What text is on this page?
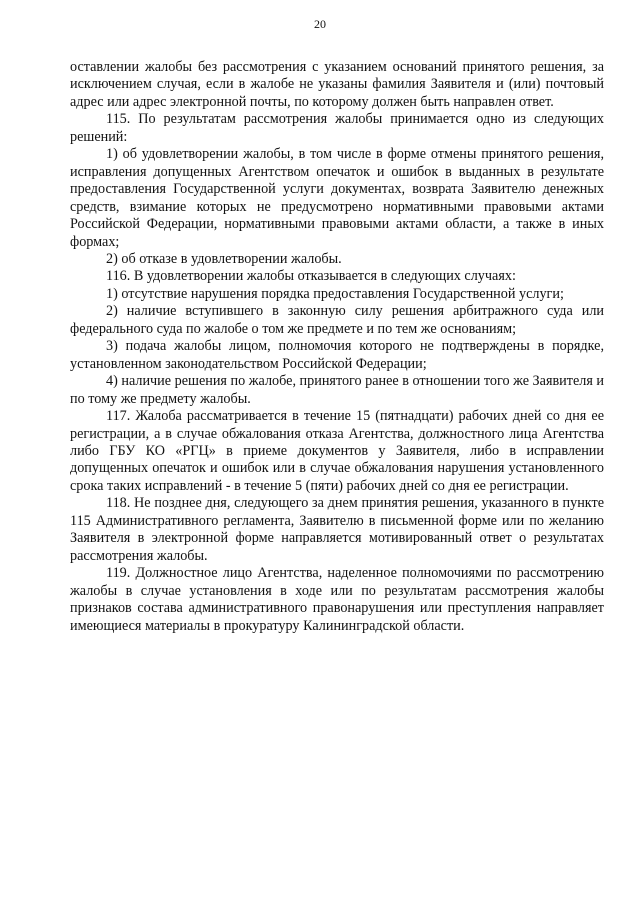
20

оставлении жалобы без рассмотрения с указанием оснований принятого решения, за исключением случая, если в жалобе не указаны фамилия Заявителя и (или) почтовый адрес или адрес электронной почты, по которому должен быть направлен ответ.

115. По результатам рассмотрения жалобы принимается одно из следующих решений:

1) об удовлетворении жалобы, в том числе в форме отмены принятого решения, исправления допущенных Агентством опечаток и ошибок в выданных в результате предоставления Государственной услуги документах, возврата Заявителю денежных средств, взимание которых не предусмотрено нормативными правовыми актами Российской Федерации, нормативными правовыми актами области, а также в иных формах;

2) об отказе в удовлетворении жалобы.

116. В удовлетворении жалобы отказывается в следующих случаях:

1) отсутствие нарушения порядка предоставления Государственной услуги;

2) наличие вступившего в законную силу решения арбитражного суда или федерального суда по жалобе о том же предмете и по тем же основаниям;

3) подача жалобы лицом, полномочия которого не подтверждены в порядке, установленном законодательством Российской Федерации;

4) наличие решения по жалобе, принятого ранее в отношении того же Заявителя и по тому же предмету жалобы.

117. Жалоба рассматривается в течение 15 (пятнадцати) рабочих дней со дня ее регистрации, а в случае обжалования отказа Агентства, должностного лица Агентства либо ГБУ КО «РГЦ» в приеме документов у Заявителя, либо в исправлении допущенных опечаток и ошибок или в случае обжалования нарушения установленного срока таких исправлений - в течение 5 (пяти) рабочих дней со дня ее регистрации.

118. Не позднее дня, следующего за днем принятия решения, указанного в пункте 115 Административного регламента, Заявителю в письменной форме или по желанию Заявителя в электронной форме направляется мотивированный ответ о результатах рассмотрения жалобы.

119. Должностное лицо Агентства, наделенное полномочиями по рассмотрению жалобы в случае установления в ходе или по результатам рассмотрения жалобы признаков состава административного правонарушения или преступления направляет имеющиеся материалы в прокуратуру Калининградской области.
